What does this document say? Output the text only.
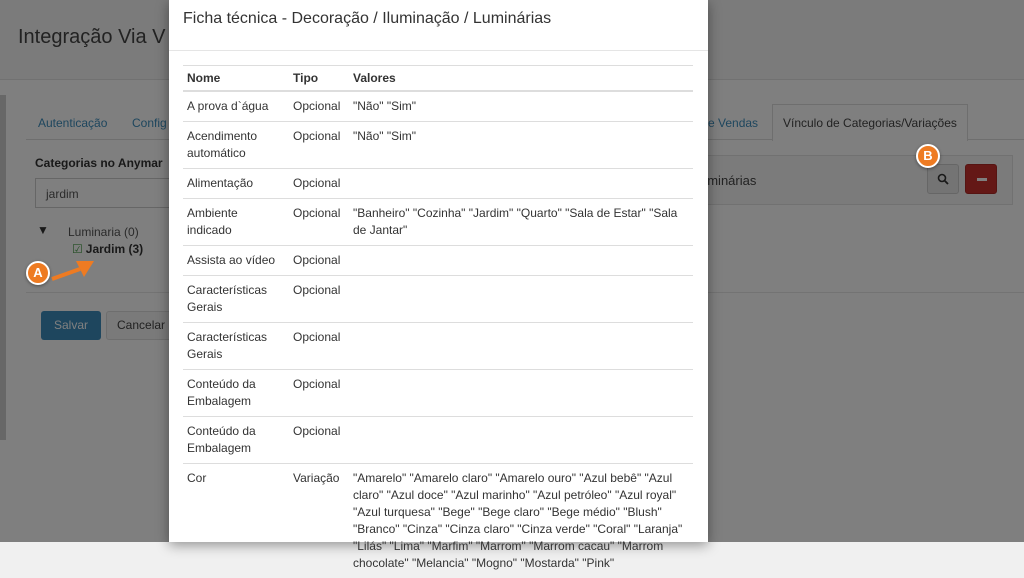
A
B
Ficha técnica - Decoração / Iluminação / Luminárias
Nome	Tipo	Valores
A prova d`água	Opcional	"Não" "Sim"
Acendimento automático	Opcional	"Não" "Sim"
Alimentação	Opcional	
Ambiente indicado	Opcional	"Banheiro" "Cozinha" "Jardim" "Quarto" "Sala de Estar" "Sala de Jantar"
Assista ao vídeo	Opcional	
Características Gerais	Opcional	
Características Gerais	Opcional	
Conteúdo da Embalagem	Opcional	
Conteúdo da Embalagem	Opcional	
Cor	Variação	"Amarelo" "Amarelo claro" "Amarelo ouro" "Azul bebê" "Azul claro" "Azul doce" "Azul marinho" "Azul petróleo" "Azul royal" "Azul turquesa" "Bege" "Bege claro" "Bege médio" "Blush" "Branco" "Cinza" "Cinza claro" "Cinza verde" "Coral" "Laranja" "Lilás" "Lima" "Marfim" "Marrom" "Marrom cacau" "Marrom chocolate" "Melancia" "Mogno" "Mostarda" "Pink"
